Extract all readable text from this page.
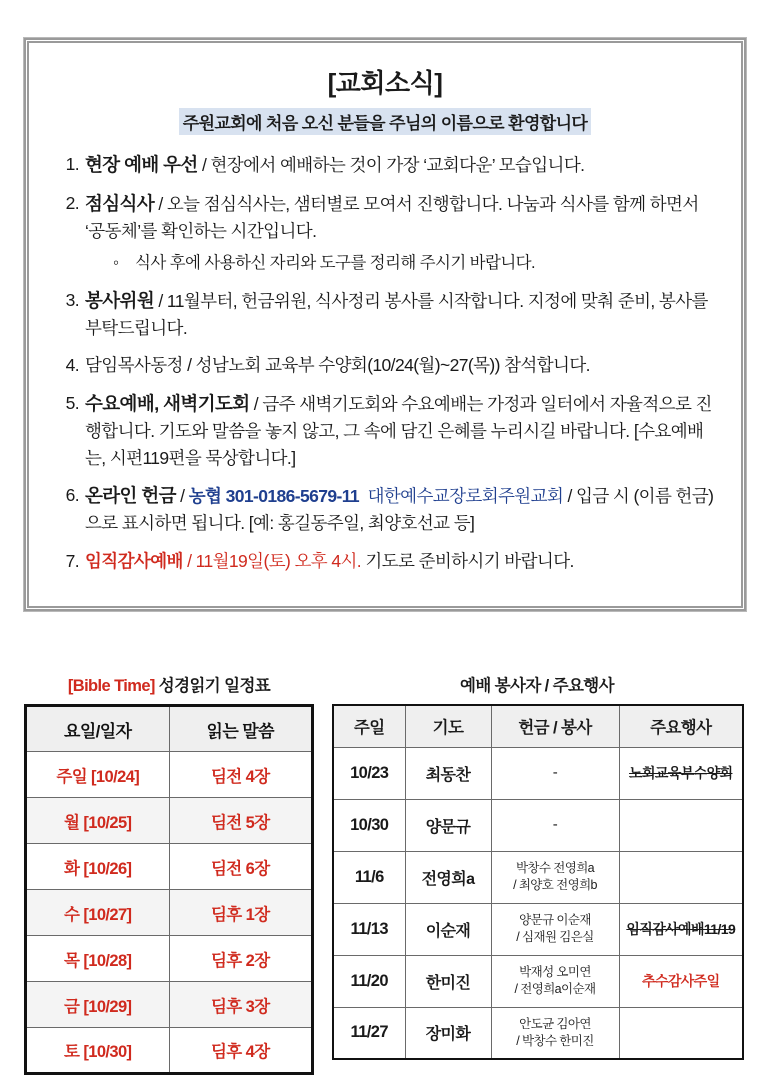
[교회소식]
주원교회에 처음 오신 분들을 주님의 이름으로 환영합니다
1. 현장 예배 우선 / 현장에서 예배하는 것이 가장 ‘교회다운’ 모습입니다.
2. 점심식사 / 오늘 점심식사는, 샘터별로 모여서 진행합니다. 나눔과 식사를 함께 하면서 ‘공동체’를 확인하는 시간입니다.
◦ 식사 후에 사용하신 자리와 도구를 정리해 주시기 바랍니다.
3. 봉사위원 / 11월부터, 헌금위원, 식사정리 봉사를 시작합니다. 지정에 맞춰 준비, 봉사를 부탁드립니다.
4. 담임목사동정 / 성남노회 교육부 수양회(10/24(월)~27(목)) 참석합니다.
5. 수요예배, 새벽기도회 / 금주 새벽기도회와 수요예배는 가정과 일터에서 자율적으로 진행합니다. 기도와 말씀을 놓지 않고, 그 속에 담긴 은혜를 누리시길 바랍니다. [수요예배는, 시편119편을 묵상합니다.]
6. 온라인 헌금 / 농협 301-0186-5679-11 대한예수교장로회주원교회 / 입금 시 (이름 헌금)으로 표시하면 됩니다. [예: 홍길동주일, 최양호선교 등]
7. 임직감사예배 / 11월19일(토) 오후 4시. 기도로 준비하시기 바랍니다.
[Bible Time] 성경읽기 일정표
요일/일자	읽는 말씀
주일 [10/24]	딤전 4장
월 [10/25]	딤전 5장
화 [10/26]	딤전 6장
수 [10/27]	딤후 1장
목 [10/28]	딤후 2장
금 [10/29]	딤후 3장
토 [10/30]	딤후 4장
예배 봉사자 / 주요행사
주일	기도	헌금 / 봉사	주요행사
10/23	최동찬	-	노회교육부수양회
10/30	양문규	-	

11/6	전영희a	박창수 전영희a
/ 최양호 전영희b	

11/13	이순재	양문규 이순재
/ 심재원 김은실	임직감사예배11/19
11/20	한미진	박재성 오미연
/ 전영희a이순재	추수감사주일
11/27	장미화	안도균 김아연
/ 박창수 한미진	
